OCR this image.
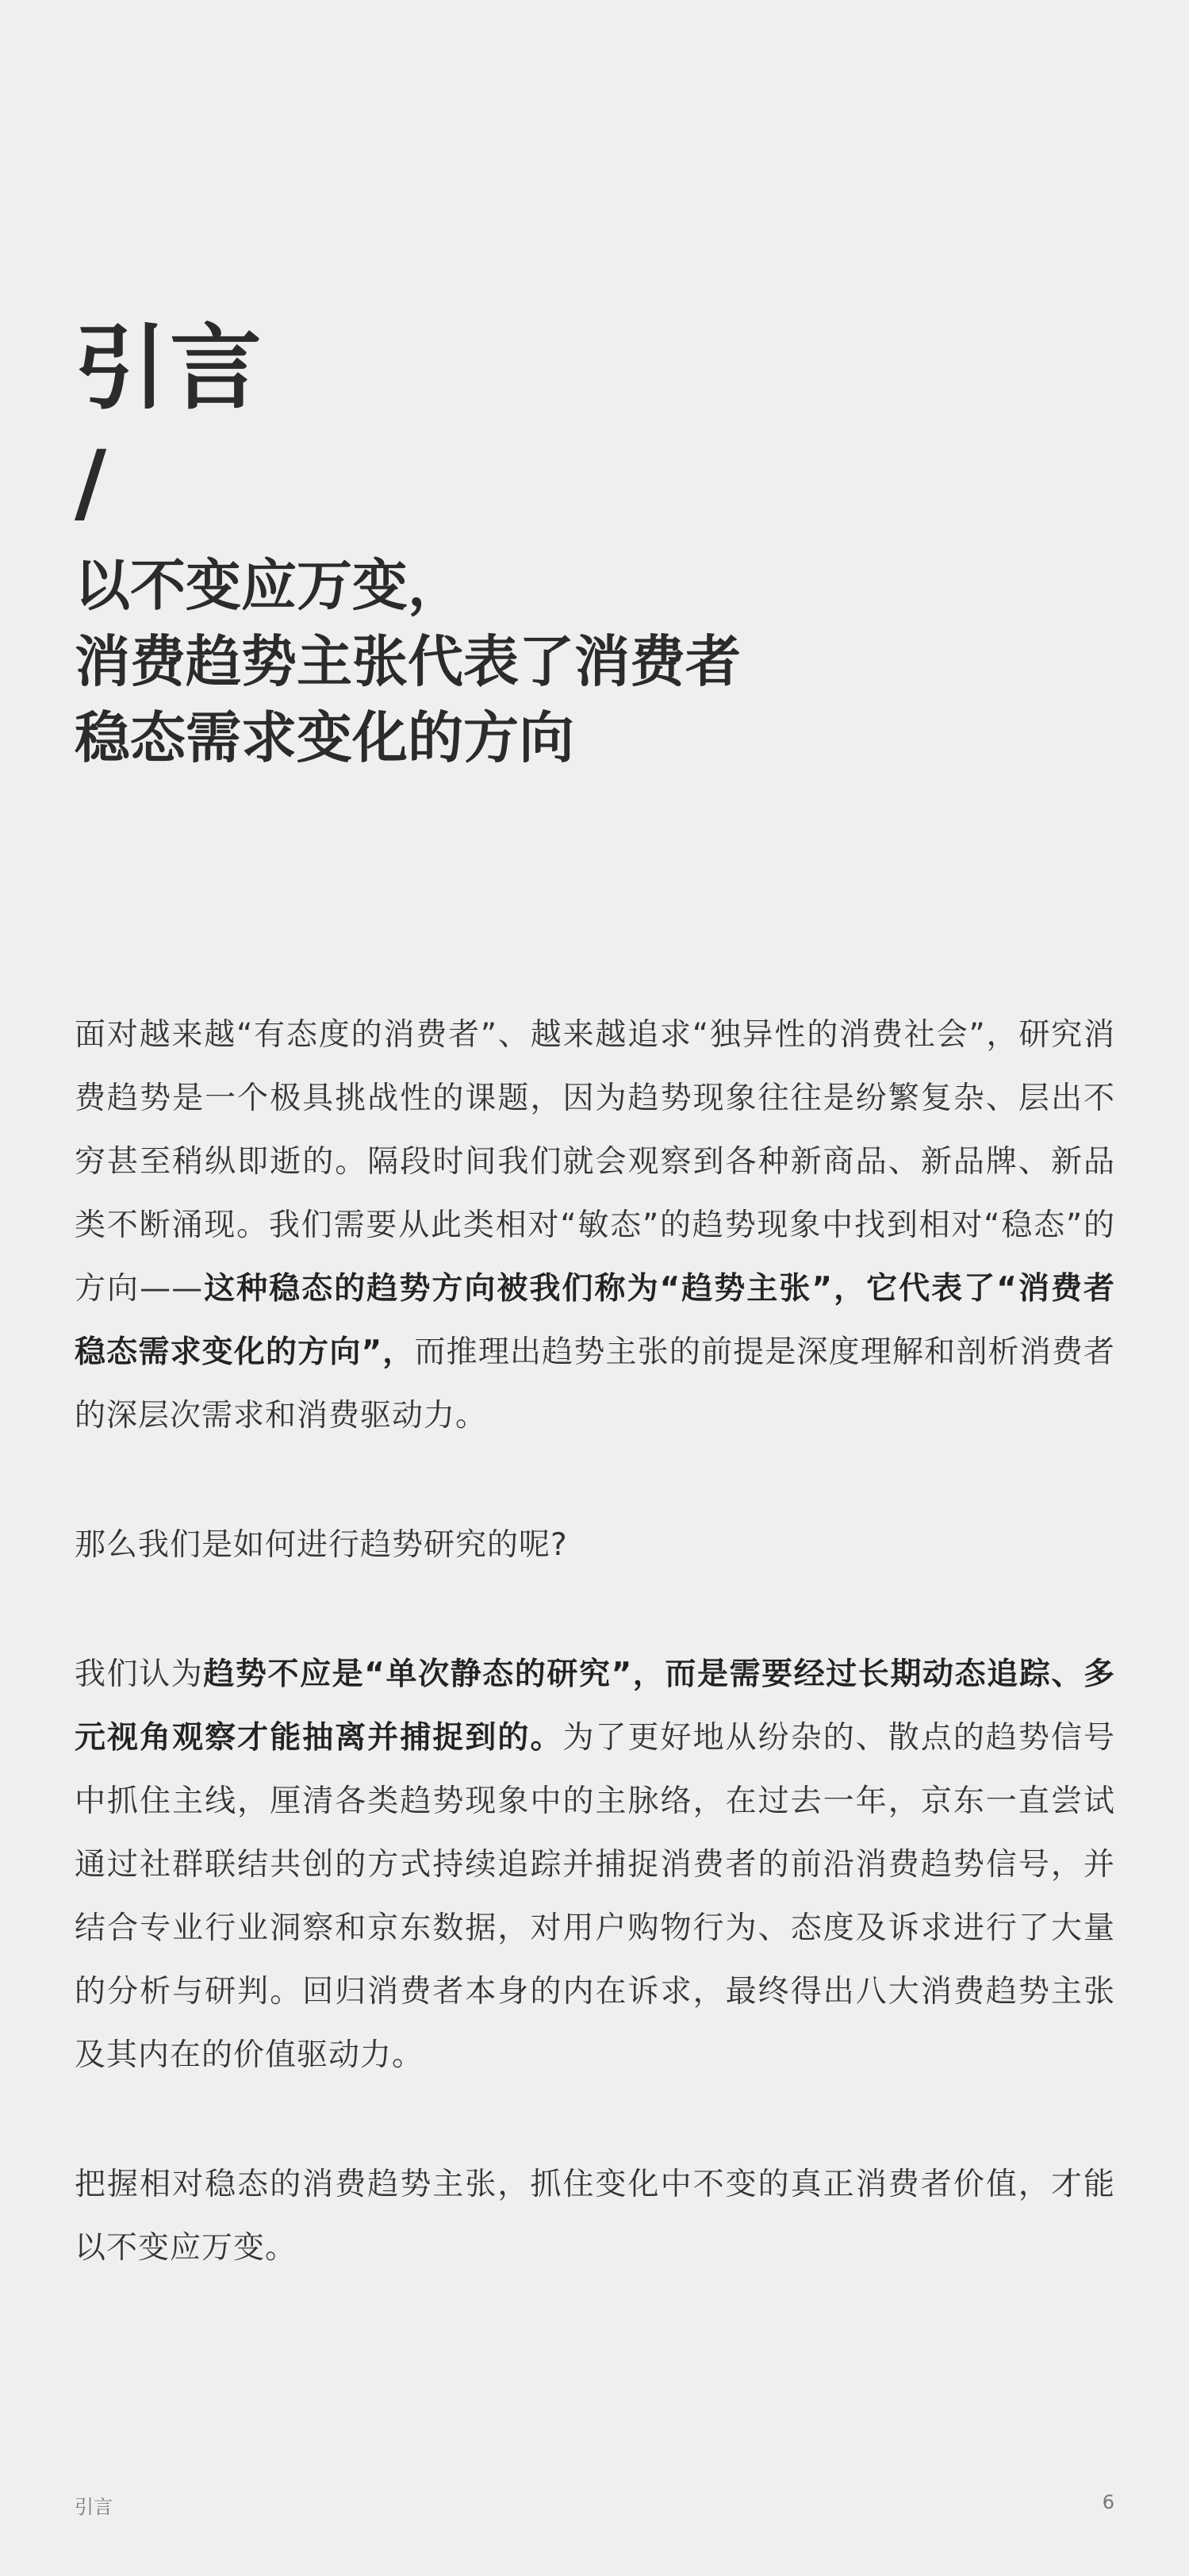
引言
/
以不变应万变，
消费趋势主张代表了消费者
稳态需求变化的方向

面对越来越“有态度的消费者”、越来越追求“独异性的消费社会”，研究消费趋势是一个极具挑战性的课题，因为趋势现象往往是纷繁复杂、层出不穷甚至稍纵即逝的。隔段时间我们就会观察到各种新商品、新品牌、新品类不断涌现。我们需要从此类相对“敏态”的趋势现象中找到相对“稳态”的方向——这种稳态的趋势方向被我们称为“趋势主张”，它代表了“消费者稳态需求变化的方向”，而推理出趋势主张的前提是深度理解和剖析消费者的深层次需求和消费驱动力。

那么我们是如何进行趋势研究的呢?

我们认为趋势不应是“单次静态的研究”，而是需要经过长期动态追踪、多元视角观察才能抽离并捕捉到的。为了更好地从纷杂的、散点的趋势信号中抓住主线，厘清各类趋势现象中的主脉络，在过去一年，京东一直尝试通过社群联结共创的方式持续追踪并捕捉消费者的前沿消费趋势信号，并结合专业行业洞察和京东数据，对用户购物行为、态度及诉求进行了大量的分析与研判。回归消费者本身的内在诉求，最终得出八大消费趋势主张及其内在的价值驱动力。

把握相对稳态的消费趋势主张，抓住变化中不变的真正消费者价值，才能以不变应万变。

引言	6
